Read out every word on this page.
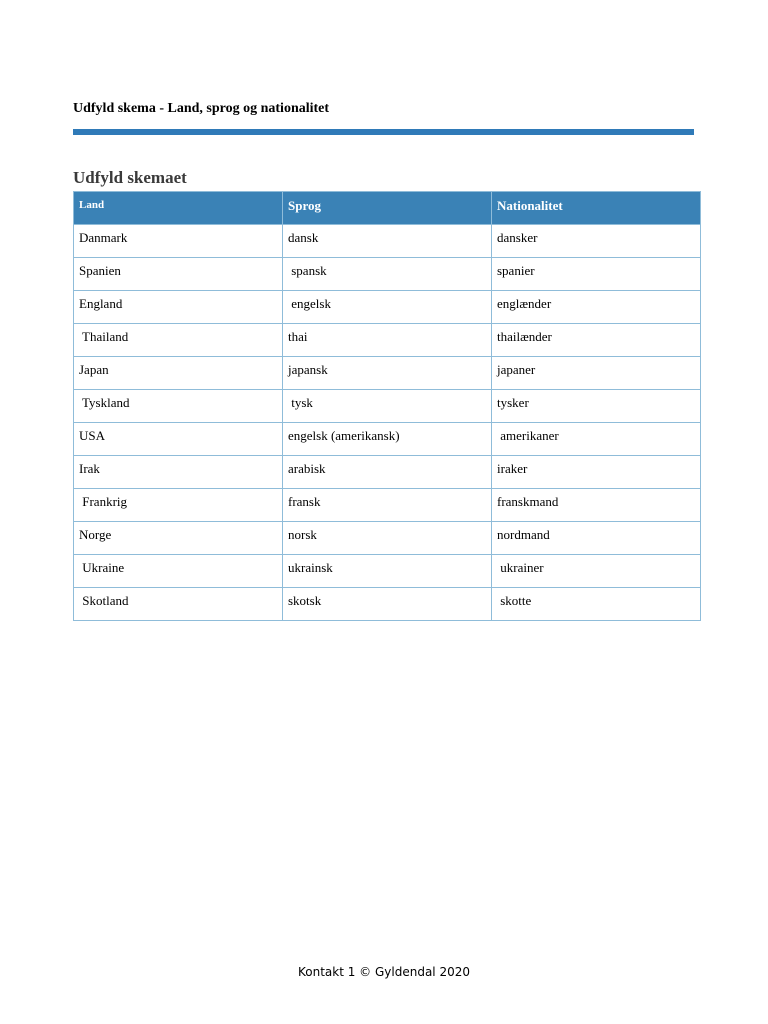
Udfyld skema - Land, sprog og nationalitet
Udfyld skemaet
Land	Sprog	Nationalitet
Danmark	dansk	dansker
Spanien	spansk	spanier
England	engelsk	englænder
Thailand	thai	thailænder
Japan	japansk	japaner
Tyskland	tysk	tysker
USA	engelsk (amerikansk)	amerikaner
Irak	arabisk	iraker
Frankrig	fransk	franskmand
Norge	norsk	nordmand
Ukraine	ukrainsk	ukrainer
Skotland	skotsk	skotte
Kontakt 1 © Gyldendal 2020
